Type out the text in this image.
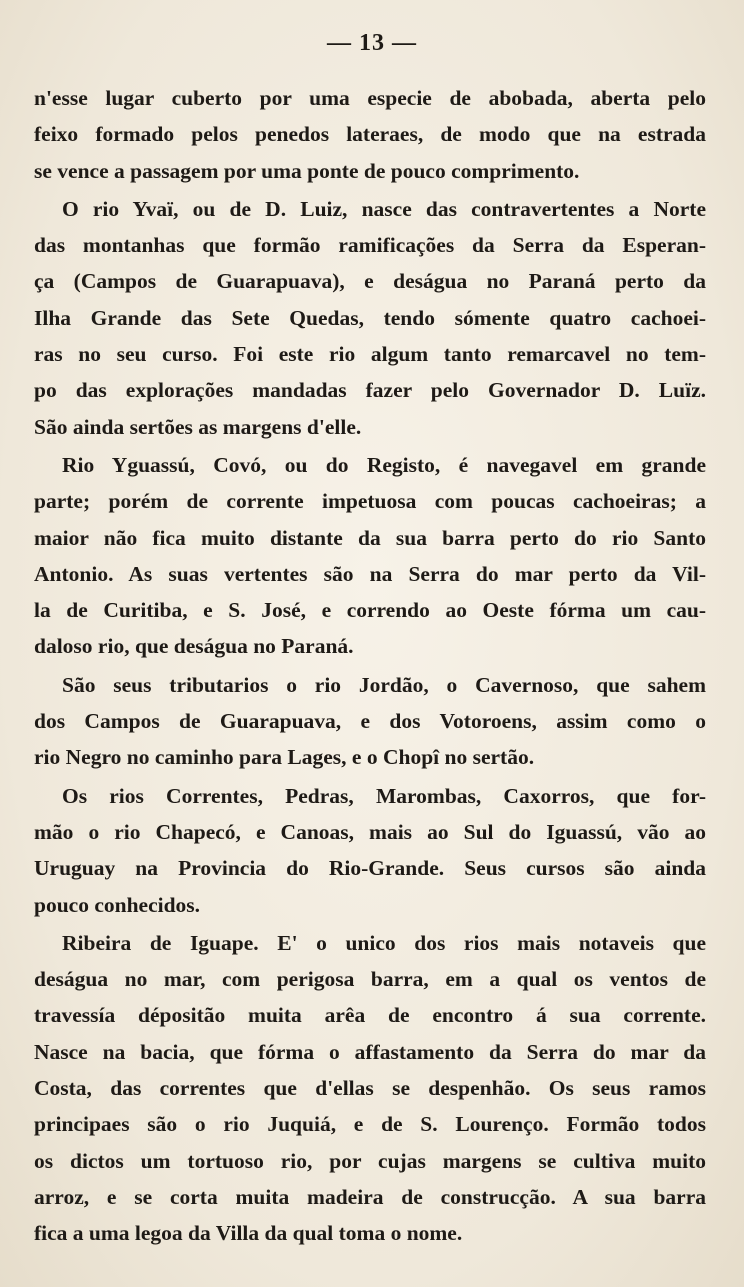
— 13 —
n'esse lugar cuberto por uma especie de abobada, aberta pelo
feixo formado pelos penedos lateraes, de modo que na estrada
se vence a passagem por uma ponte de pouco comprimento.
O rio Yvaï, ou de D. Luiz, nasce das contravertentes a Norte
das montanhas que formão ramificações da Serra da Esperan-
ça (Campos de Guarapuava), e deságua no Paraná perto da
Ilha Grande das Sete Quedas, tendo sómente quatro cachoei-
ras no seu curso. Foi este rio algum tanto remarcavel no tem-
po das explorações mandadas fazer pelo Governador D. Luïz.
São ainda sertões as margens d'elle.
Rio Yguassú, Covó, ou do Registo, é navegavel em grande
parte; porém de corrente impetuosa com poucas cachoeiras; a
maior não fica muito distante da sua barra perto do rio Santo
Antonio. As suas vertentes são na Serra do mar perto da Vil-
la de Curitiba, e S. José, e correndo ao Oeste fórma um cau-
daloso rio, que deságua no Paraná.
São seus tributarios o rio Jordão, o Cavernoso, que sahem
dos Campos de Guarapuava, e dos Votoroens, assim como o
rio Negro no caminho para Lages, e o Chopî no sertão.
Os rios Correntes, Pedras, Marombas, Caxorros, que for-
mão o rio Chapecó, e Canoas, mais ao Sul do Iguassú, vão ao
Uruguay na Provincia do Rio-Grande. Seus cursos são ainda
pouco conhecidos.
Ribeira de Iguape. E' o unico dos rios mais notaveis que
deságua no mar, com perigosa barra, em a qual os ventos de
travessía dépositão muita arêa de encontro á sua corrente.
Nasce na bacia, que fórma o affastamento da Serra do mar da
Costa, das correntes que d'ellas se despenhão. Os seus ramos
principaes são o rio Juquiá, e de S. Lourenço. Formão todos
os dictos um tortuoso rio, por cujas margens se cultiva muito
arroz, e se corta muita madeira de construcção. A sua barra
fica a uma legoa da Villa da qual toma o nome.
